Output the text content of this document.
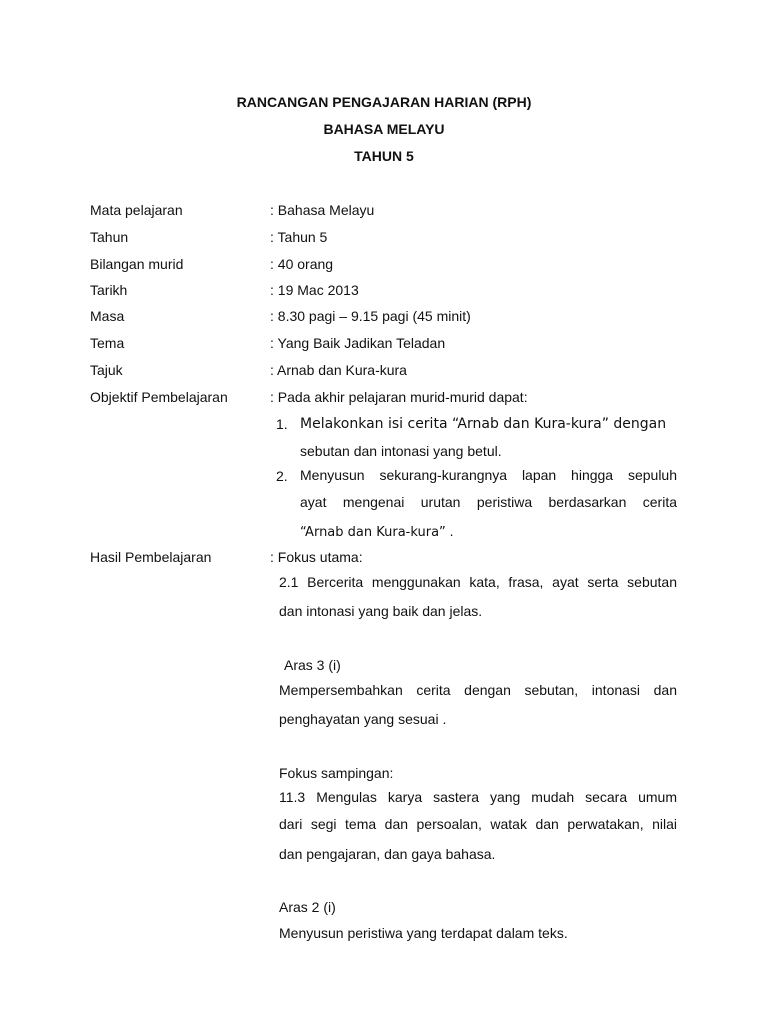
RANCANGAN PENGAJARAN HARIAN (RPH)
BAHASA MELAYU
TAHUN 5
Mata pelajaran	: Bahasa Melayu
Tahun	: Tahun 5
Bilangan murid	: 40 orang
Tarikh	: 19 Mac 2013
Masa	: 8.30 pagi – 9.15 pagi (45 minit)
Tema	: Yang Baik Jadikan Teladan
Tajuk	: Arnab dan Kura-kura
Objektif Pembelajaran	: Pada akhir pelajaran murid-murid dapat:
1. Melakonkan isi cerita “Arnab dan Kura-kura” dengan
sebutan dan intonasi yang betul.
2. Menyusun sekurang-kurangnya lapan hingga sepuluh
ayat mengenai urutan peristiwa berdasarkan cerita
“Arnab dan Kura-kura” .
Hasil Pembelajaran	: Fokus utama:
2.1 Bercerita menggunakan kata, frasa, ayat serta sebutan
dan intonasi yang baik dan jelas.
Aras 3 (i)
Mempersembahkan cerita dengan sebutan, intonasi dan
penghayatan yang sesuai .
Fokus sampingan:
11.3 Mengulas karya sastera yang mudah secara umum
dari segi tema dan persoalan, watak dan perwatakan, nilai
dan pengajaran, dan gaya bahasa.
Aras 2 (i)
Menyusun peristiwa yang terdapat dalam teks.
